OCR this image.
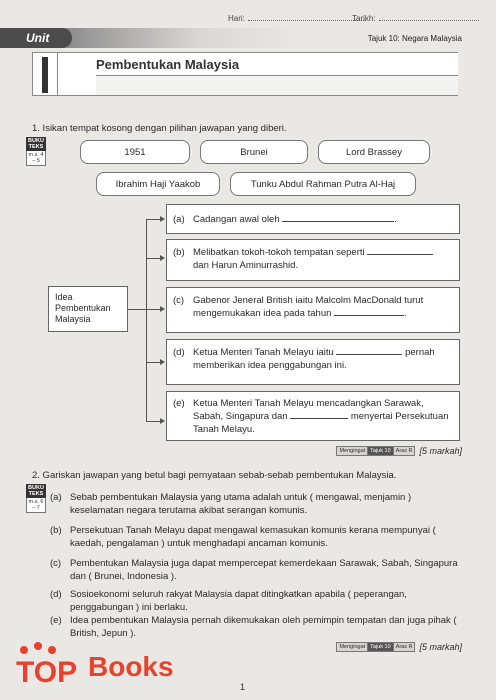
Hari:	Tarikh:
Unit	Tajuk 10: Negara Malaysia
Pembentukan Malaysia
1. Isikan tempat kosong dengan pilihan jawapan yang diberi.
BUKU TEKS
m.s. 4 – 5
1951	Brunei	Lord Brassey
Ibrahim Haji Yaakob	Tunku Abdul Rahman Putra Al-Haj
Idea Pembentukan Malaysia
(a) Cadangan awal oleh	.
(b) Melibatkan tokoh-tokoh tempatan seperti
dan Harun Aminurrashid.
(c) Gabenor Jeneral British iaitu Malcolm MacDonald turut mengemukakan idea pada tahun	.
(d) Ketua Menteri Tanah Melayu iaitu	pernah memberikan idea penggabungan ini.
(e) Ketua Menteri Tanah Melayu mencadangkan Sarawak, Sabah, Singapura dan	menyertai Persekutuan Tanah Melayu.
Mengingat Tajuk 10 Aras R [5 markah]
2. Gariskan jawapan yang betul bagi pernyataan sebab-sebab pembentukan Malaysia.
BUKU TEKS
m.s. 6 – 7
(a) Sebab pembentukan Malaysia yang utama adalah untuk ( mengawal, menjamin ) keselamatan negara terutama akibat serangan komunis.
(b) Persekutuan Tanah Melayu dapat mengawal kemasukan komunis kerana mempunyai ( kaedah, pengalaman ) untuk menghadapi ancaman komunis.
(c) Pembentukan Malaysia juga dapat mempercepat kemerdekaan Sarawak, Sabah, Singapura dan ( Brunei, Indonesia ).
(d) Sosioekonomi seluruh rakyat Malaysia dapat ditingkatkan apabila ( peperangan, penggabungan ) ini berlaku.
(e) Idea pembentukan Malaysia pernah dikemukakan oleh pemimpin tempatan dan juga pihak ( British, Jepun ).
Mengingat Tajuk 10 Aras R [5 markah]
1
TOP Books
